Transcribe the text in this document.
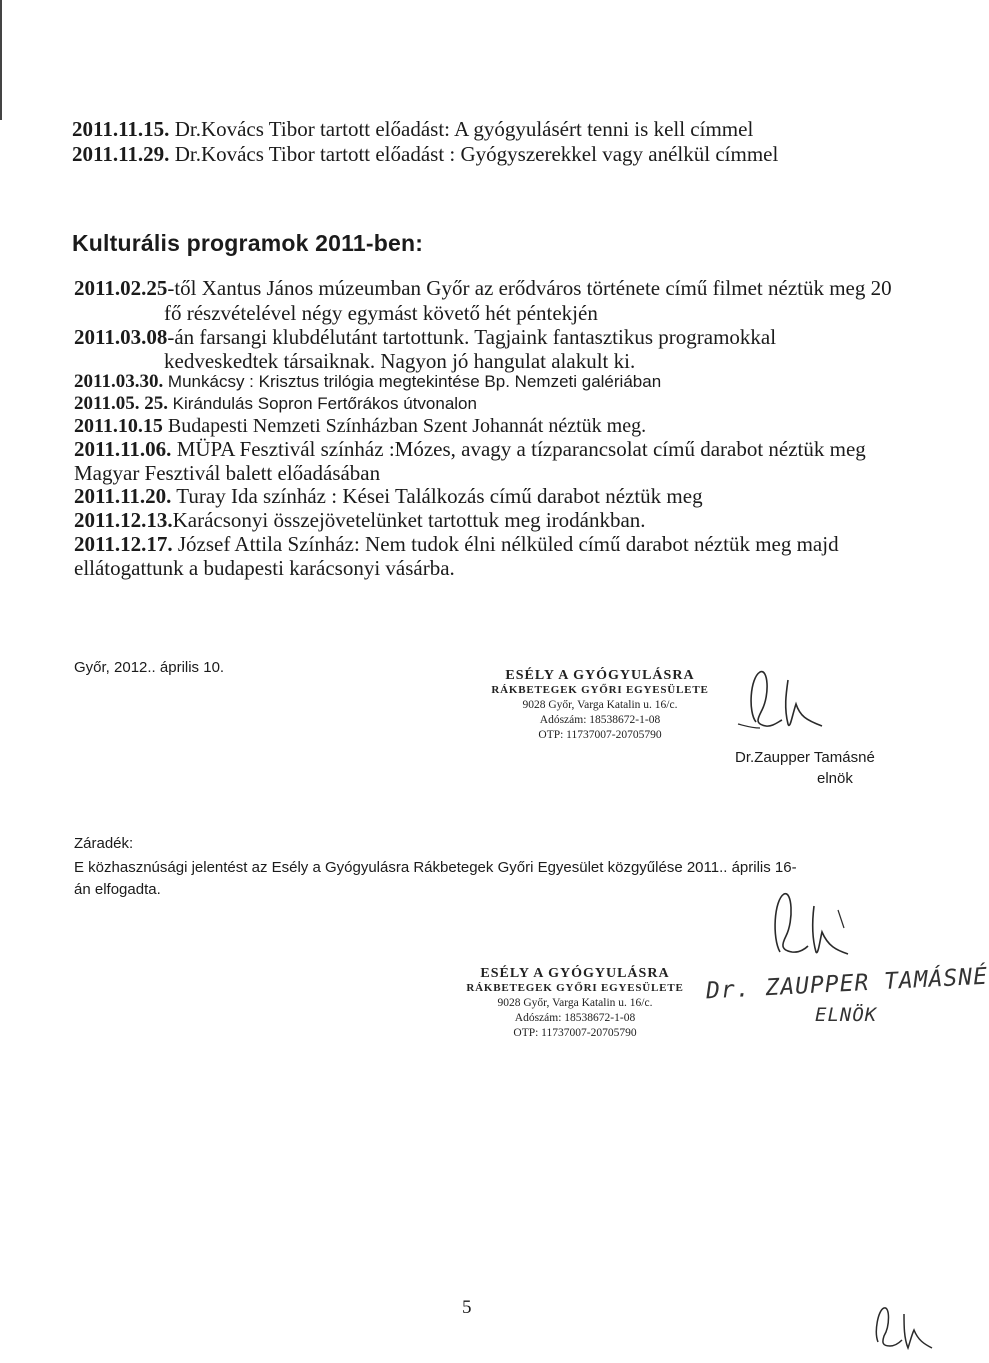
2011.11.15. Dr.Kovács Tibor tartott előadást: A gyógyulásért tenni is kell címmel
2011.11.29. Dr.Kovács Tibor tartott előadást : Gyógyszerekkel vagy anélkül címmel
Kulturális programok 2011-ben:
2011.02.25-től Xantus János múzeumban Győr az erődváros története című filmet néztük meg 20
fő részvételével négy egymást követő hét péntekjén
2011.03.08-án farsangi klubdélutánt tartottunk. Tagjaink fantasztikus programokkal
kedveskedtek társaiknak. Nagyon jó hangulat alakult ki.
2011.03.30. Munkácsy : Krisztus trilógia megtekintése Bp. Nemzeti galériában
2011.05. 25. Kirándulás Sopron Fertőrákos útvonalon
2011.10.15 Budapesti Nemzeti Színházban Szent Johannát néztük meg.
2011.11.06. MÜPA Fesztivál színház :Mózes, avagy a tízparancsolat című darabot néztük meg
Magyar Fesztivál balett előadásában
2011.11.20. Turay Ida színház : Kései Találkozás című darabot néztük meg
2011.12.13.Karácsonyi összejövetelünket tartottuk meg irodánkban.
2011.12.17. József Attila Színház: Nem tudok élni nélküled című darabot néztük meg majd
ellátogattunk a budapesti karácsonyi vásárba.
Győr, 2012.. április 10.	ESÉLY A GYÓGYULÁSRA
RÁKBETEGEK GYŐRI EGYESÜLETE
9028 Győr, Varga Katalin u. 16/c.
Adószám: 18538672-1-08
OTP: 11737007-20705790
Dr.Zaupper Tamásné
elnök
Záradék:
E közhasznúsági jelentést az Esély a Gyógyulásra Rákbetegek Győri Egyesület közgyűlése 2011.. április 16-
án elfogadta.
ESÉLY A GYÓGYULÁSRA
RÁKBETEGEK GYŐRI EGYESÜLETE
9028 Győr, Varga Katalin u. 16/c.
Adószám: 18538672-1-08
OTP: 11737007-20705790
Dr. ZAUPPER TAMÁSNÉ
ELNÖK
5
